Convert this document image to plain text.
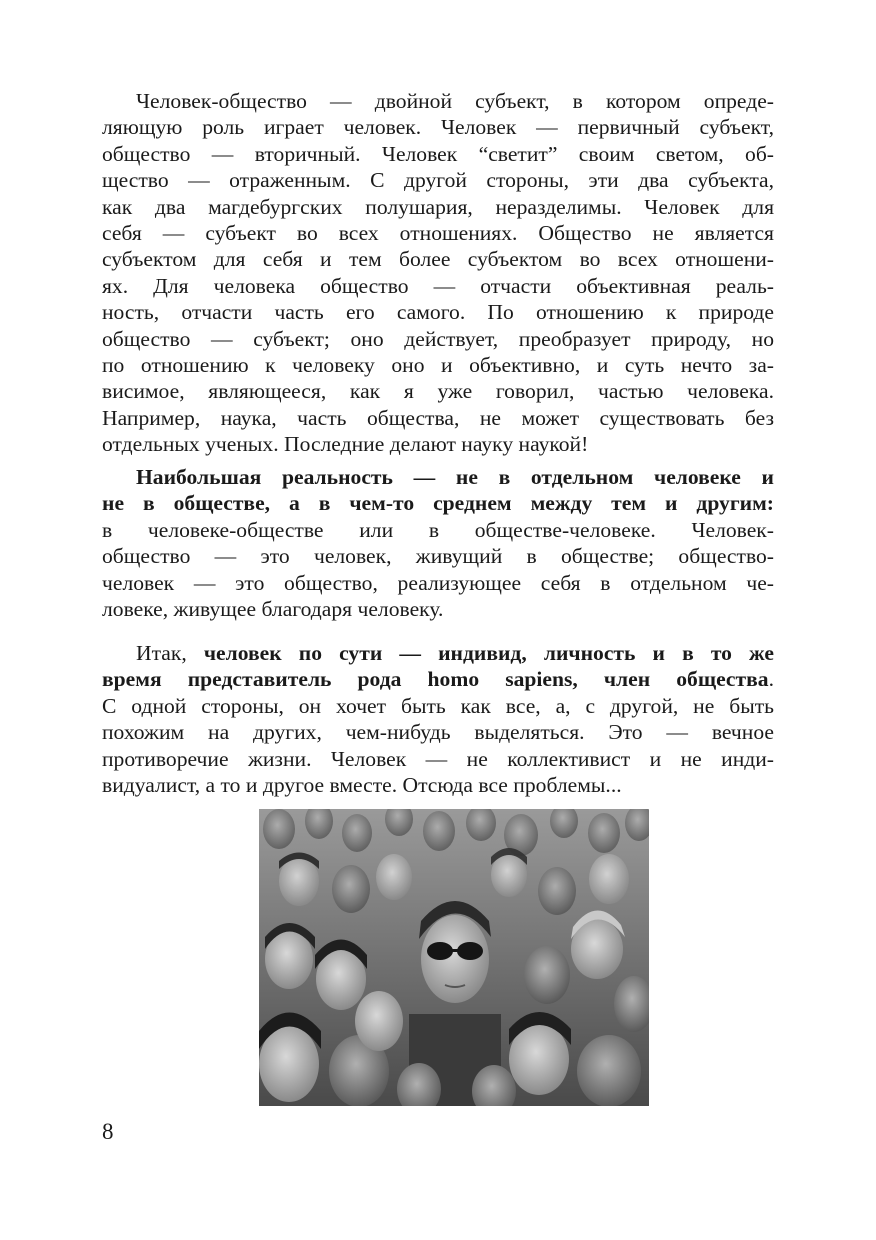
Человек-общество — двойной субъект, в котором опреде-
ляющую роль играет человек. Человек — первичный субъект,
общество — вторичный. Человек “светит” своим светом, об-
щество — отраженным. С другой стороны, эти два субъекта,
как два магдебургских полушария, неразделимы. Человек для
себя — субъект во всех отношениях. Общество не является
субъектом для себя и тем более субъектом во всех отношени-
ях. Для человека общество — отчасти объективная реаль-
ность, отчасти часть его самого. По отношению к природе
общество — субъект; оно действует, преобразует природу, но
по отношению к человеку оно и объективно, и суть нечто за-
висимое, являющееся, как я уже говорил, частью человека.
Например, наука, часть общества, не может существовать без
отдельных ученых. Последние делают науку наукой!
Наибольшая реальность — не в отдельном человеке и
не в обществе, а в чем-то среднем между тем и другим:
в человеке-обществе или в обществе-человеке. Человек-
общество — это человек, живущий в обществе; общество-
человек — это общество, реализующее себя в отдельном че-
ловеке, живущее благодаря человеку.
Итак, человек по сути — индивид, личность и в то же
время представитель рода homo sapiens, член общества.
С одной стороны, он хочет быть как все, а, с другой, не быть
похожим на других, чем-нибудь выделяться. Это — вечное
противоречие жизни. Человек — не коллективист и не инди-
видуалист, а то и другое вместе. Отсюда все проблемы...
8
